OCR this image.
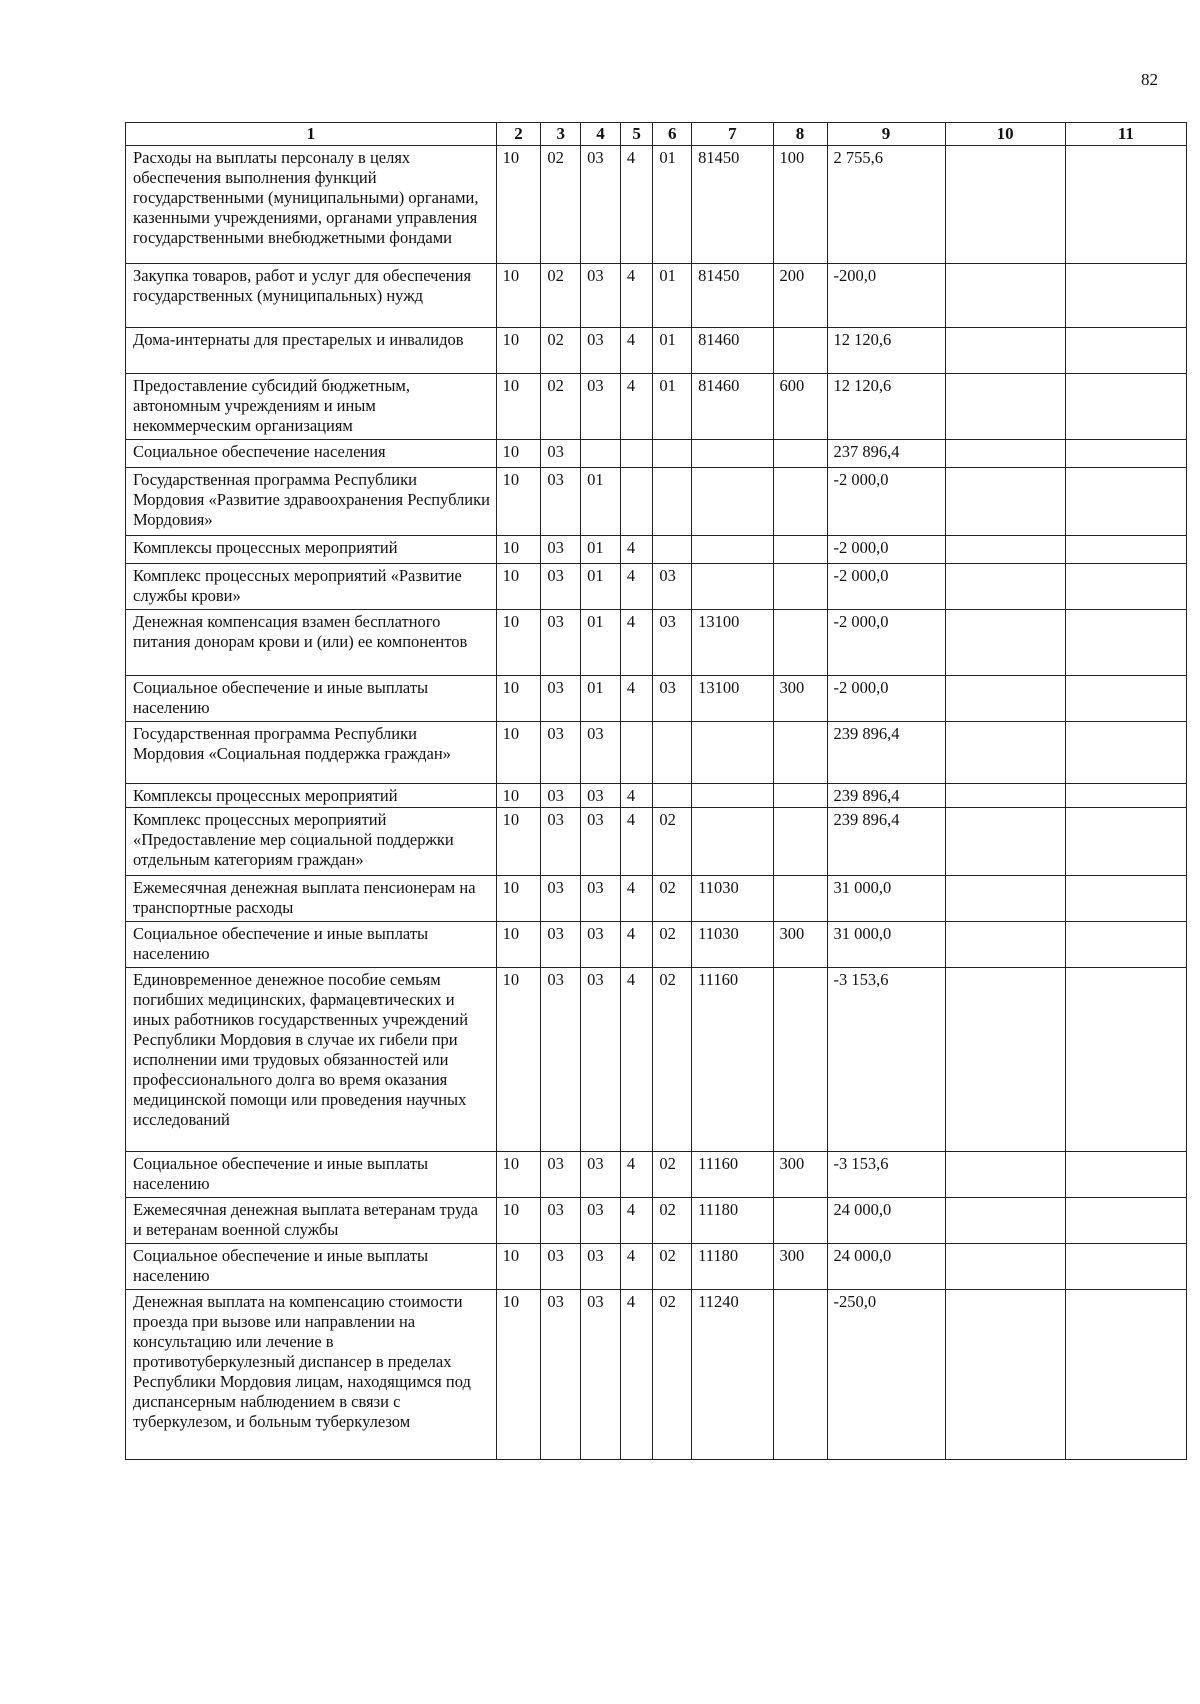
82
1	2	3	4	5	6	7	8	9	10	11
Расходы на выплаты персоналу в целях обеспечения выполнения функций государственными (муниципальными) органами, казенными учреждениями, органами управления государственными внебюджетными фондами	10	02	03	4	01	81450	100	2 755,6		
Закупка товаров, работ и услуг для обеспечения государственных (муниципальных) нужд	10	02	03	4	01	81450	200	-200,0		
Дома-интернаты для престарелых и инвалидов	10	02	03	4	01	81460		12 120,6		
Предоставление субсидий бюджетным, автономным учреждениям и иным некоммерческим организациям	10	02	03	4	01	81460	600	12 120,6		
Социальное обеспечение населения	10	03						237 896,4		
Государственная программа Республики Мордовия «Развитие здравоохранения Республики Мордовия»	10	03	01					-2 000,0		
Комплексы процессных мероприятий	10	03	01	4				-2 000,0		
Комплекс процессных мероприятий «Развитие службы крови»	10	03	01	4	03			-2 000,0		
Денежная компенсация взамен бесплатного питания донорам крови и (или) ее компонентов	10	03	01	4	03	13100		-2 000,0		
Социальное обеспечение и иные выплаты населению	10	03	01	4	03	13100	300	-2 000,0		
Государственная программа Республики Мордовия «Социальная поддержка граждан»	10	03	03					239 896,4		
Комплексы процессных мероприятий	10	03	03	4				239 896,4		
Комплекс процессных мероприятий «Предоставление мер социальной поддержки отдельным категориям граждан»	10	03	03	4	02			239 896,4		
Ежемесячная денежная выплата пенсионерам на транспортные расходы	10	03	03	4	02	11030		31 000,0		
Социальное обеспечение и иные выплаты населению	10	03	03	4	02	11030	300	31 000,0		
Единовременное денежное пособие семьям погибших медицинских, фармацевтических и иных работников государственных учреждений Республики Мордовия в случае их гибели при исполнении ими трудовых обязанностей или профессионального долга во время оказания медицинской помощи или проведения научных исследований	10	03	03	4	02	11160		-3 153,6		
Социальное обеспечение и иные выплаты населению	10	03	03	4	02	11160	300	-3 153,6		
Ежемесячная денежная выплата ветеранам труда и ветеранам военной службы	10	03	03	4	02	11180		24 000,0		
Социальное обеспечение и иные выплаты населению	10	03	03	4	02	11180	300	24 000,0		
Денежная выплата на компенсацию стоимости проезда при вызове или направлении на консультацию или лечение в противотуберкулезный диспансер в пределах Республики Мордовия лицам, находящимся под диспансерным наблюдением в связи с туберкулезом, и больным туберкулезом	10	03	03	4	02	11240		-250,0		
